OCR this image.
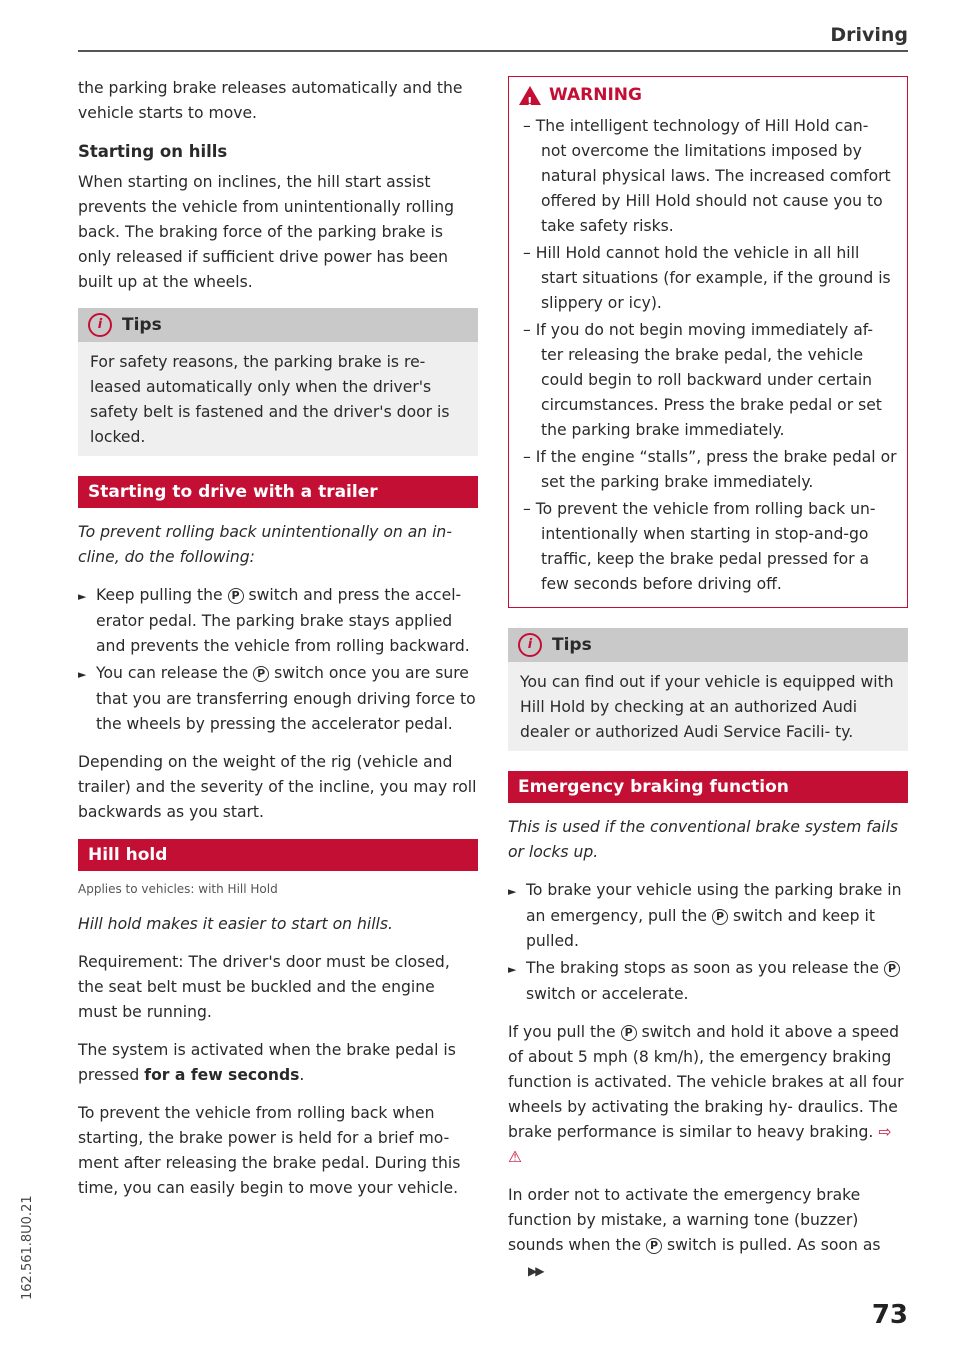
Driving

the parking brake releases automatically and the vehicle starts to move.

Starting on hills

When starting on inclines, the hill start assist prevents the vehicle from unintentionally rolling back. The braking force of the parking brake is only released if sufficient drive power has been built up at the wheels.

i	Tips
For safety reasons, the parking brake is re- leased automatically only when the driver's safety belt is fastened and the driver's door is locked.
Starting to drive with a trailer

To prevent rolling back unintentionally on an in- cline, do the following:

► Keep pulling the P switch and press the accel- erator pedal. The parking brake stays applied and prevents the vehicle from rolling backward.

► You can release the P switch once you are sure that you are transferring enough driving force to the wheels by pressing the accelerator pedal.

Depending on the weight of the rig (vehicle and trailer) and the severity of the incline, you may roll backwards as you start.

Hill hold

Applies to vehicles: with Hill Hold

Hill hold makes it easier to start on hills.

Requirement: The driver's door must be closed, the seat belt must be buckled and the engine must be running.

The system is activated when the brake pedal is pressed for a few seconds.

To prevent the vehicle from rolling back when starting, the brake power is held for a brief mo- ment after releasing the brake pedal. During this time, you can easily begin to move your vehicle.

!
WARNING

– The intelligent technology of Hill Hold can- not overcome the limitations imposed by natural physical laws. The increased comfort offered by Hill Hold should not cause you to take safety risks.

– Hill Hold cannot hold the vehicle in all hill start situations (for example, if the ground is slippery or icy).

– If you do not begin moving immediately af- ter releasing the brake pedal, the vehicle could begin to roll backward under certain circumstances. Press the brake pedal or set the parking brake immediately.

– If the engine “stalls”, press the brake pedal or set the parking brake immediately.

– To prevent the vehicle from rolling back un- intentionally when starting in stop-and-go traffic, keep the brake pedal pressed for a few seconds before driving off.

i	Tips
You can find out if your vehicle is equipped with Hill Hold by checking at an authorized Audi dealer or authorized Audi Service Facili- ty.
Emergency braking function

This is used if the conventional brake system fails or locks up.

► To brake your vehicle using the parking brake in an emergency, pull the P switch and keep it pulled.

► The braking stops as soon as you release the P switch or accelerate.

If you pull the P switch and hold it above a speed of about 5 mph (8 km/h), the emergency braking function is activated. The vehicle brakes at all four wheels by activating the braking hy- draulics. The brake performance is similar to heavy braking. ⇨ ⚠

In order not to activate the emergency brake function by mistake, a warning tone (buzzer) sounds when the P switch is pulled. As soon as▶▶

162.561.8U0.21
73
